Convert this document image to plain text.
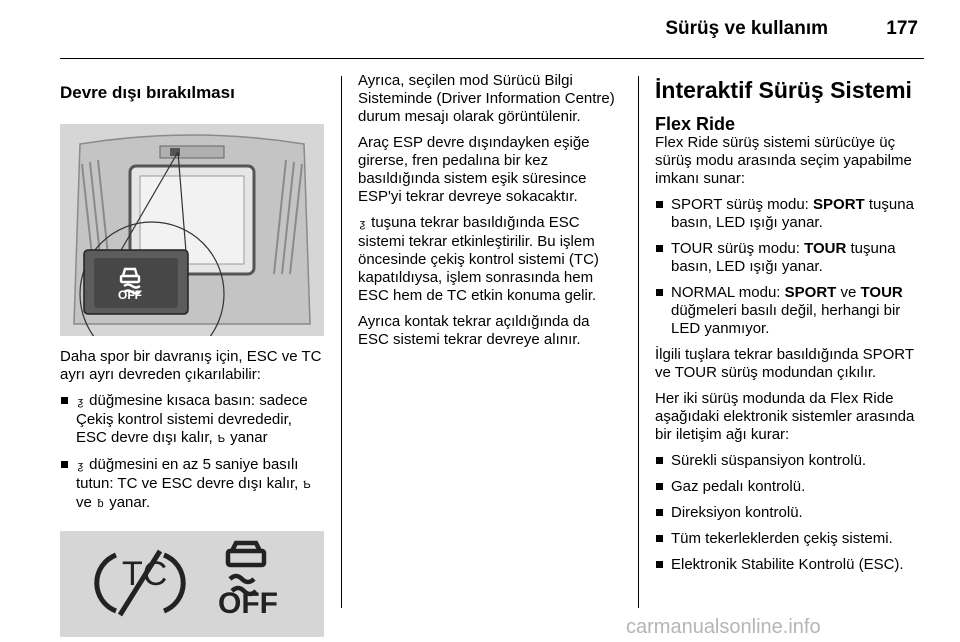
Sürüş ve kullanım	177
Devre dışı bırakılması
OFF

Daha spor bir davranış için, ESC ve TC ayrı ayrı devreden çıkarılabilir:

ƺ düğmesine kısaca basın: sadece Çekiş kontrol sistemi devrededir, ESC devre dışı kalır, Ƅ yanar
ƺ düğmesini en az 5 saniye basılı tutun: TC ve ESC devre dışı kalır, Ƅ ve ƀ yanar.
TC
OFF

Ayrıca, seçilen mod Sürücü Bilgi Sisteminde (Driver Information Centre) durum mesajı olarak görüntülenir.

Araç ESP devre dışındayken eşiğe girerse, fren pedalına bir kez basıldığında sistem eşik süresince ESP'yi tekrar devreye sokacaktır.

ƺ tuşuna tekrar basıldığında ESC sistemi tekrar etkinleştirilir. Bu işlem öncesinde çekiş kontrol sistemi (TC) kapatıldıysa, işlem sonrasında hem ESC hem de TC etkin konuma gelir.

Ayrıca kontak tekrar açıldığında da ESC sistemi tekrar devreye alınır.

İnteraktif Sürüş Sistemi
Flex Ride

Flex Ride sürüş sistemi sürücüye üç sürüş modu arasında seçim yapabilme imkanı sunar:

SPORT sürüş modu: SPORT tuşuna basın, LED ışığı yanar.
TOUR sürüş modu: TOUR tuşuna basın, LED ışığı yanar.
NORMAL modu: SPORT ve TOUR düğmeleri basılı değil, herhangi bir LED yanmıyor.

İlgili tuşlara tekrar basıldığında SPORT ve TOUR sürüş modundan çıkılır.

Her iki sürüş modunda da Flex Ride aşağıdaki elektronik sistemler arasında bir iletişim ağı kurar:

Sürekli süspansiyon kontrolü.
Gaz pedalı kontrolü.
Direksiyon kontrolü.
Tüm tekerleklerden çekiş sistemi.
Elektronik Stabilite Kontrolü (ESC).
carmanualsonline.info
